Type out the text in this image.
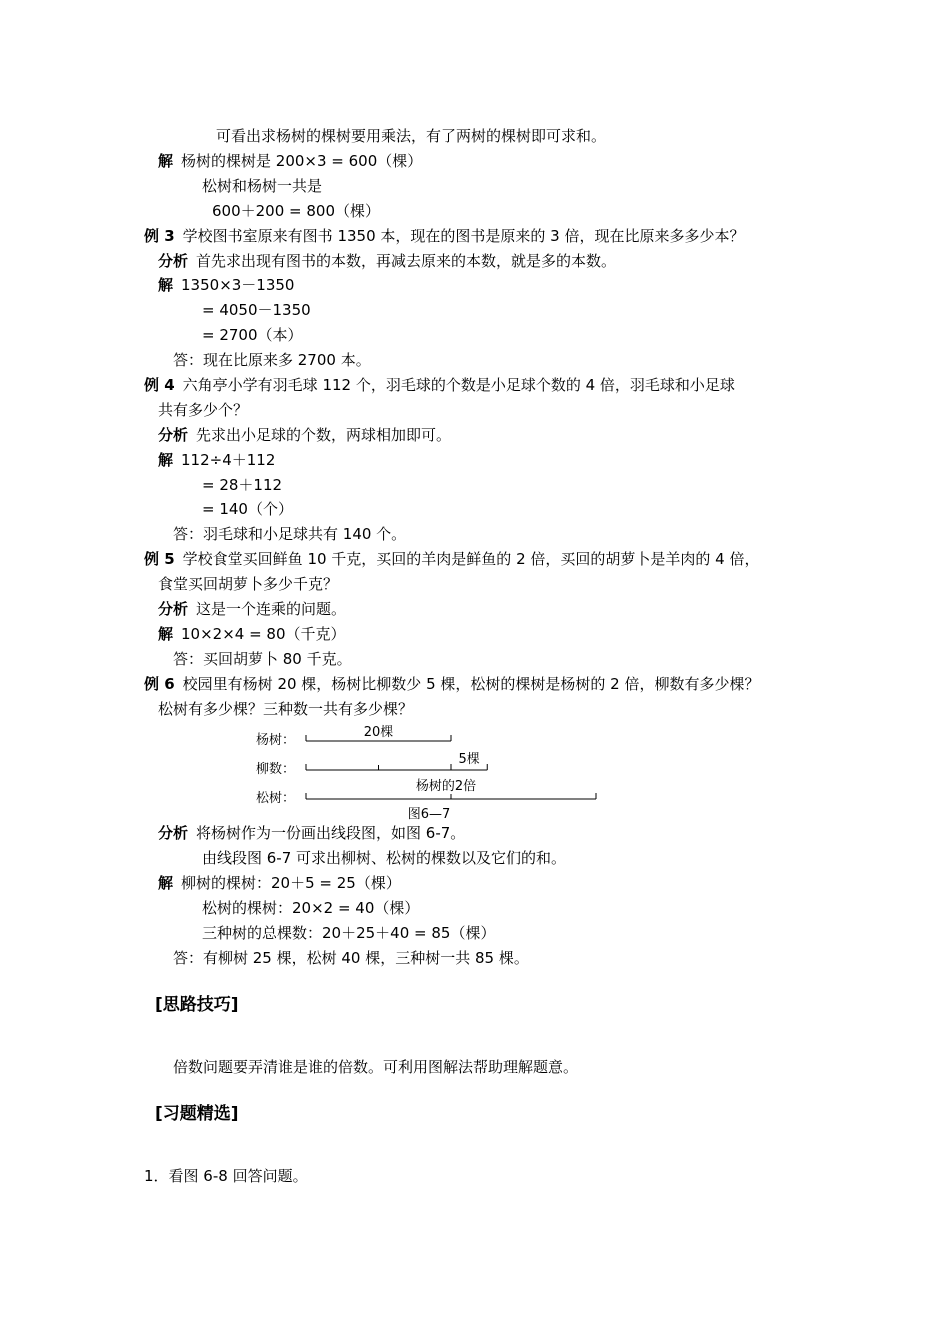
可看出求杨树的棵树要用乘法，有了两树的棵树即可求和。
解 杨树的棵树是 200×3 = 600（棵）
松树和杨树一共是
600＋200 = 800（棵）
例 3 学校图书室原来有图书 1350 本，现在的图书是原来的 3 倍，现在比原来多多少本？
分析 首先求出现有图书的本数，再减去原来的本数，就是多的本数。
解 1350×3－1350
= 4050－1350
= 2700（本）
答：现在比原来多 2700 本。
例 4 六角亭小学有羽毛球 112 个，羽毛球的个数是小足球个数的 4 倍，羽毛球和小足球
共有多少个？
分析 先求出小足球的个数，两球相加即可。
解 112÷4＋112
= 28＋112
= 140（个）
答：羽毛球和小足球共有 140 个。
例 5 学校食堂买回鲜鱼 10 千克，买回的羊肉是鲜鱼的 2 倍，买回的胡萝卜是羊肉的 4 倍，
食堂买回胡萝卜多少千克？
分析 这是一个连乘的问题。
解 10×2×4 = 80（千克）
答：买回胡萝卜 80 千克。
例 6 校园里有杨树 20 棵，杨树比柳数少 5 棵，松树的棵树是杨树的 2 倍，柳数有多少棵？
松树有多少棵？三种数一共有多少棵？
杨树：
柳数：
松树：
20棵
5棵
杨树的2倍
图6—7
分析 将杨树作为一份画出线段图，如图 6-7。
由线段图 6-7 可求出柳树、松树的棵数以及它们的和。
解 柳树的棵树：20＋5 = 25（棵）
松树的棵树：20×2 = 40（棵）
三种树的总棵数：20＋25＋40 = 85（棵）
答：有柳树 25 棵，松树 40 棵，三种树一共 85 棵。
[思路技巧]
倍数问题要弄清谁是谁的倍数。可利用图解法帮助理解题意。
[习题精选]
1．看图 6-8 回答问题。
